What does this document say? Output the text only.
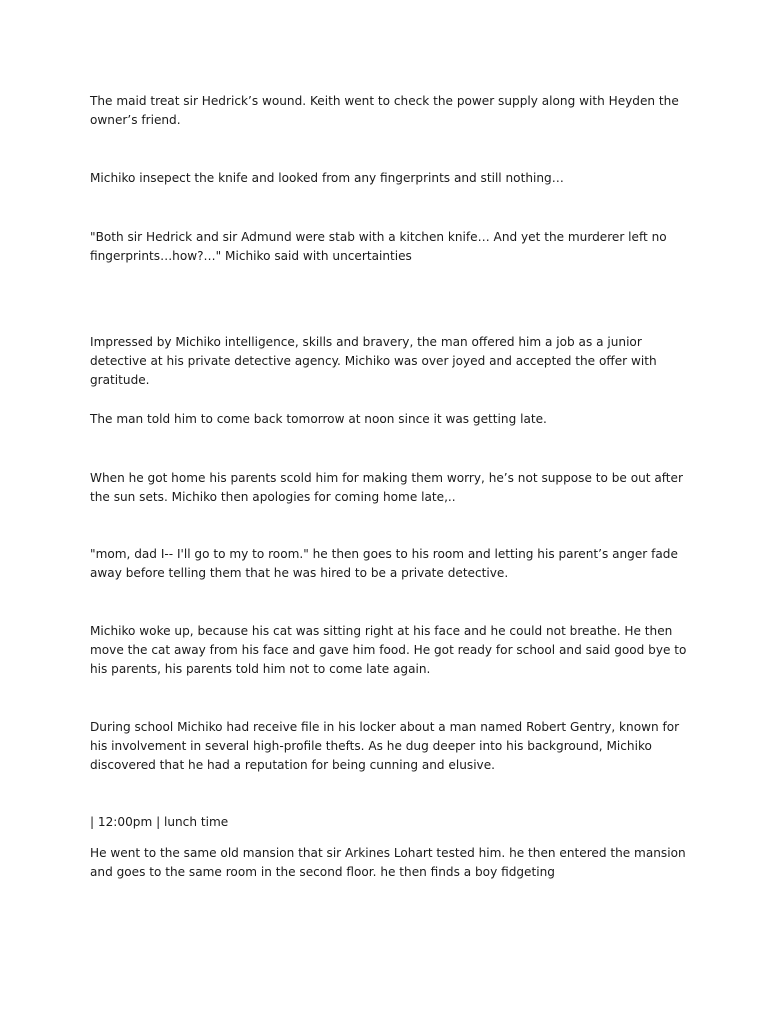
The maid treat sir Hedrick’s wound. Keith went to check the power supply along with Heyden the owner’s friend.

Michiko insepect the knife and looked from any fingerprints and still nothing…

"Both sir Hedrick and sir Admund were stab with a kitchen knife… And yet the murderer left no fingerprints…how?…" Michiko said with uncertainties

Impressed by Michiko intelligence, skills and bravery, the man offered him a job as a junior detective at his private detective agency. Michiko was over joyed and accepted the offer with gratitude.

The man told him to come back tomorrow at noon since it was getting late.

When he got home his parents scold him for making them worry, he’s not suppose to be out after the sun sets. Michiko then apologies for coming home late,..

"mom, dad I-- I'll go to my to room." he then goes to his room and letting his parent’s anger fade away before telling them that he was hired to be a private detective.

Michiko woke up, because his cat was sitting right at his face and he could not breathe. He then move the cat away from his face and gave him food. He got ready for school and said good bye to his parents, his parents told him not to come late again.

During school Michiko had receive file in his locker about a man named Robert Gentry, known for his involvement in several high-profile thefts. As he dug deeper into his background, Michiko discovered that he had a reputation for being cunning and elusive.

| 12:00pm | lunch time

He went to the same old mansion that sir Arkines Lohart tested him. he then entered the mansion and goes to the same room in the second floor. he then finds a boy fidgeting
